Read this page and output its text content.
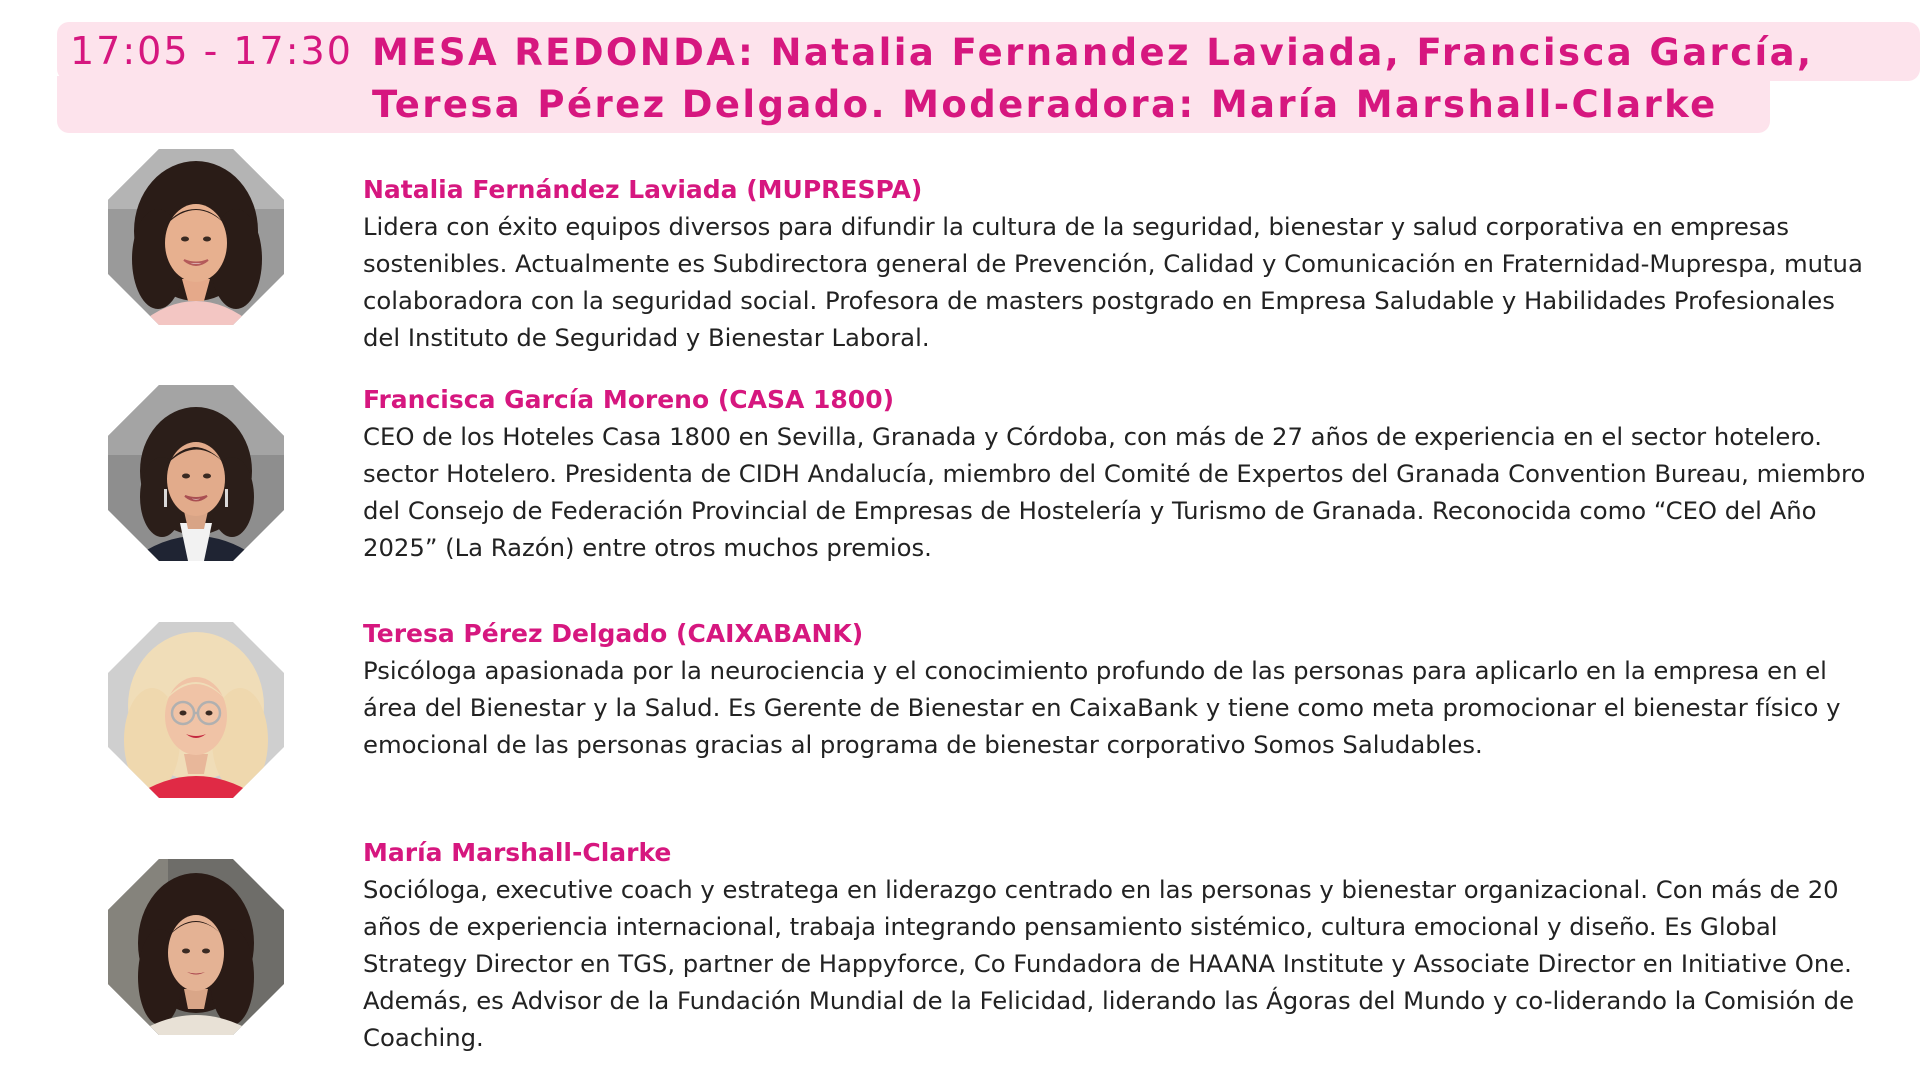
17:05 - 17:30 MESA REDONDA: Natalia Fernandez Laviada, Francisca García, Teresa Pérez Delgado. Moderadora: María Marshall-Clarke
Natalia Fernández Laviada (MUPRESPA)

Lidera con éxito equipos diversos para difundir la cultura de la seguridad, bienestar y salud corporativa en empresas sostenibles. Actualmente es Subdirectora general de Prevención, Calidad y Comunicación en Fraternidad-Muprespa, mutua colaboradora con la seguridad social. Profesora de masters postgrado en Empresa Saludable y Habilidades Profesionales del Instituto de Seguridad y Bienestar Laboral.

Francisca García Moreno (CASA 1800)

CEO de los Hoteles Casa 1800 en Sevilla, Granada y Córdoba, con más de 27 años de experiencia en el sector hotelero. sector Hotelero. Presidenta de CIDH Andalucía, miembro del Comité de Expertos del Granada Convention Bureau, miembro del Consejo de Federación Provincial de Empresas de Hostelería y Turismo de Granada. Reconocida como “CEO del Año 2025” (La Razón) entre otros muchos premios.

Teresa Pérez Delgado (CAIXABANK)

Psicóloga apasionada por la neurociencia y el conocimiento profundo de las personas para aplicarlo en la empresa en el área del Bienestar y la Salud. Es Gerente de Bienestar en CaixaBank y tiene como meta promocionar el bienestar físico y emocional de las personas gracias al programa de bienestar corporativo Somos Saludables.

María Marshall-Clarke

Socióloga, executive coach y estratega en liderazgo centrado en las personas y bienestar organizacional. Con más de 20 años de experiencia internacional, trabaja integrando pensamiento sistémico, cultura emocional y diseño. Es Global Strategy Director en TGS, partner de Happyforce, Co Fundadora de HAANA Institute y Associate Director en Initiative One. Además, es Advisor de la Fundación Mundial de la Felicidad, liderando las Ágoras del Mundo y co-liderando la Comisión de Coaching.
